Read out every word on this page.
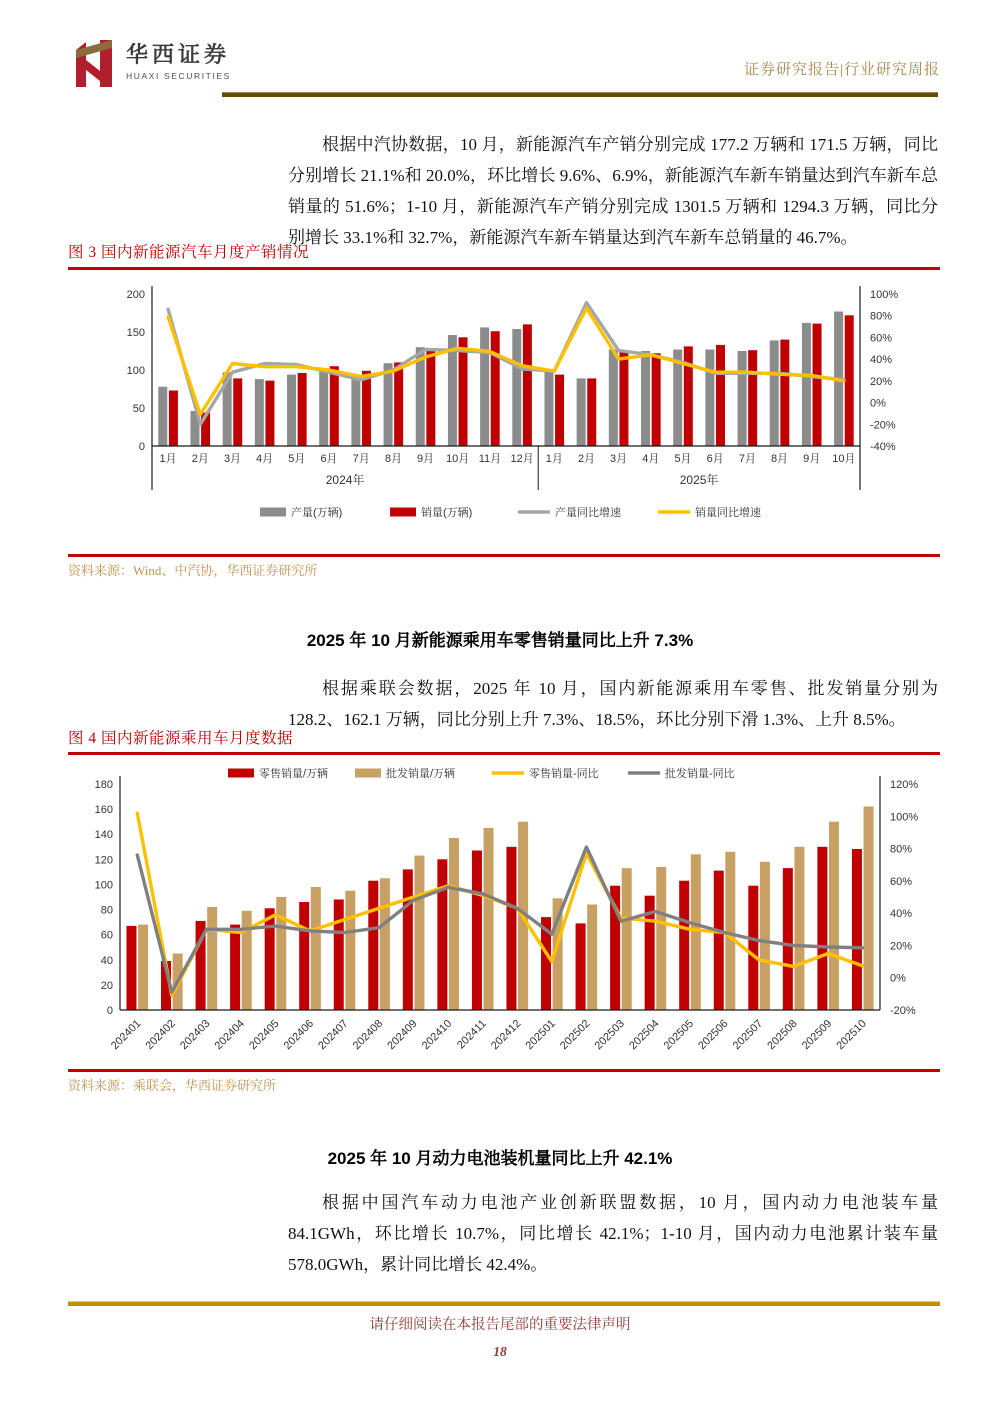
华西证券
HUAXI SECURITIES	证券研究报告|行业研究周报

根据中汽协数据，10 月，新能源汽车产销分别完成 177.2 万辆和 171.5 万辆，同比分别增长 21.1%和 20.0%，环比增长 9.6%、6.9%，新能源汽车新车销量达到汽车新车总销量的 51.6%；1-10 月，新能源汽车产销分别完成 1301.5 万辆和 1294.3 万辆，同比分别增长 33.1%和 32.7%，新能源汽车新车销量达到汽车新车总销量的 46.7%。

图 3 国内新能源汽车月度产销情况
0
50
100
150
200	100%
80%
60%
40%
20%
0%
-20%
-40%
1月 2月 3月 4月 5月 6月 7月 8月 9月 10月 11月 12月 1月 2月 3月 4月 5月 6月 7月 8月 9月 10月
2024年	2025年
产量(万辆)	销量(万辆)	产量同比增速	销量同比增速
资料来源：Wind、中汽协，华西证券研究所
2025 年 10 月新能源乘用车零售销量同比上升 7.3%

根据乘联会数据，2025 年 10 月，国内新能源乘用车零售、批发销量分别为 128.2、162.1 万辆，同比分别上升 7.3%、18.5%，环比分别下滑 1.3%、上升 8.5%。

图 4 国内新能源乘用车月度数据
0
20
40
60
80
100
120
140
160
180	120%
100%
80%
60%
40%
20%
0%
-20%
202401 202402 202403 202404 202405 202406 202407 202408 202409 202410 202411 202412 202501 202502 202503 202504 202505 202506 202507 202508 202509 202510
零售销量/万辆	批发销量/万辆	零售销量-同比	批发销量-同比
资料来源：乘联会，华西证券研究所
2025 年 10 月动力电池装机量同比上升 42.1%

根据中国汽车动力电池产业创新联盟数据，10 月，国内动力电池装车量 84.1GWh，环比增长 10.7%，同比增长 42.1%；1-10 月，国内动力电池累计装车量 578.0GWh，累计同比增长 42.4%。

请仔细阅读在本报告尾部的重要法律声明
18
